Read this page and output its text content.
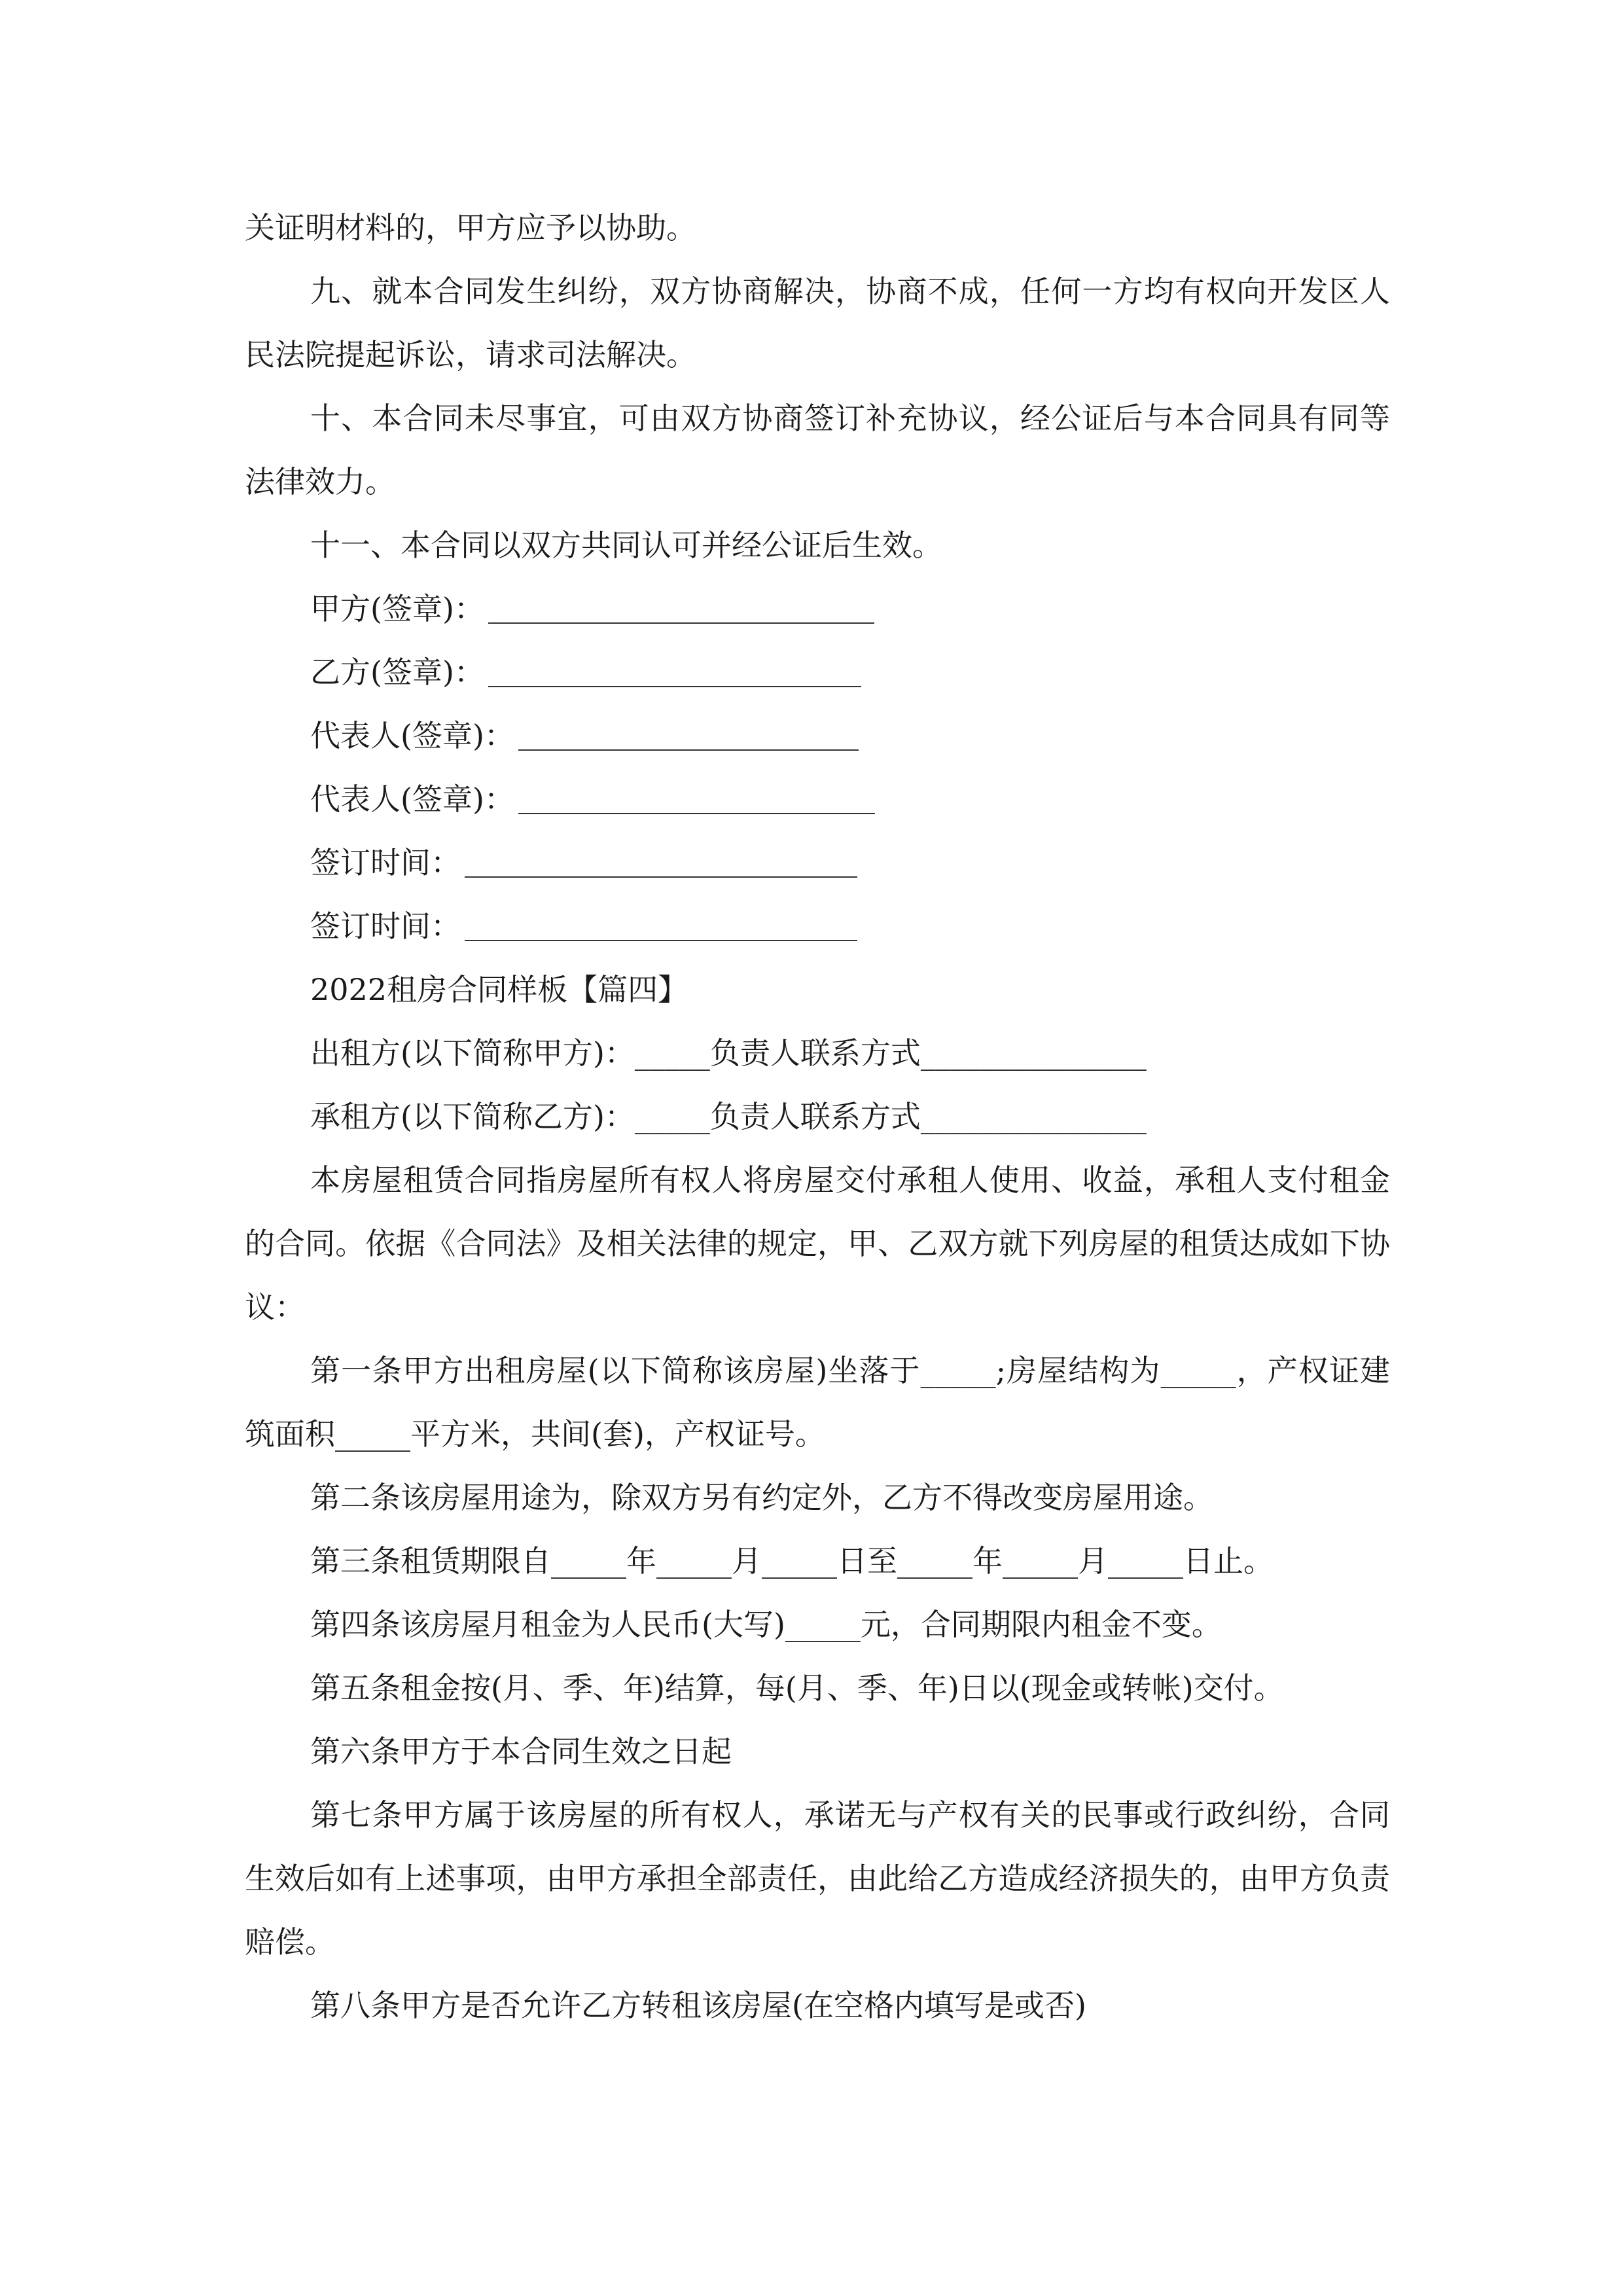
关证明材料的，甲方应予以协助。

九、就本合同发生纠纷，双方协商解决，协商不成，任何一方均有权向开发区人民法院提起诉讼，请求司法解决。

十、本合同未尽事宜，可由双方协商签订补充协议，经公证后与本合同具有同等法律效力。

十一、本合同以双方共同认可并经公证后生效。

甲方(签章)：
乙方(签章)：
代表人(签章)：
代表人(签章)：
签订时间：
签订时间：

2022租房合同样板【篇四】

出租方(以下简称甲方)：_____负责人联系方式_______________

承租方(以下简称乙方)：_____负责人联系方式_______________

本房屋租赁合同指房屋所有权人将房屋交付承租人使用、收益，承租人支付租金的合同。依据《合同法》及相关法律的规定，甲、乙双方就下列房屋的租赁达成如下协议：

第一条甲方出租房屋(以下简称该房屋)坐落于_____;房屋结构为_____，产权证建筑面积_____平方米，共间(套)，产权证号。

第二条该房屋用途为，除双方另有约定外，乙方不得改变房屋用途。

第三条租赁期限自_____年_____月_____日至_____年_____月_____日止。

第四条该房屋月租金为人民币(大写)_____元，合同期限内租金不变。

第五条租金按(月、季、年)结算，每(月、季、年)日以(现金或转帐)交付。

第六条甲方于本合同生效之日起

第七条甲方属于该房屋的所有权人，承诺无与产权有关的民事或行政纠纷，合同生效后如有上述事项，由甲方承担全部责任，由此给乙方造成经济损失的，由甲方负责赔偿。

第八条甲方是否允许乙方转租该房屋(在空格内填写是或否)
